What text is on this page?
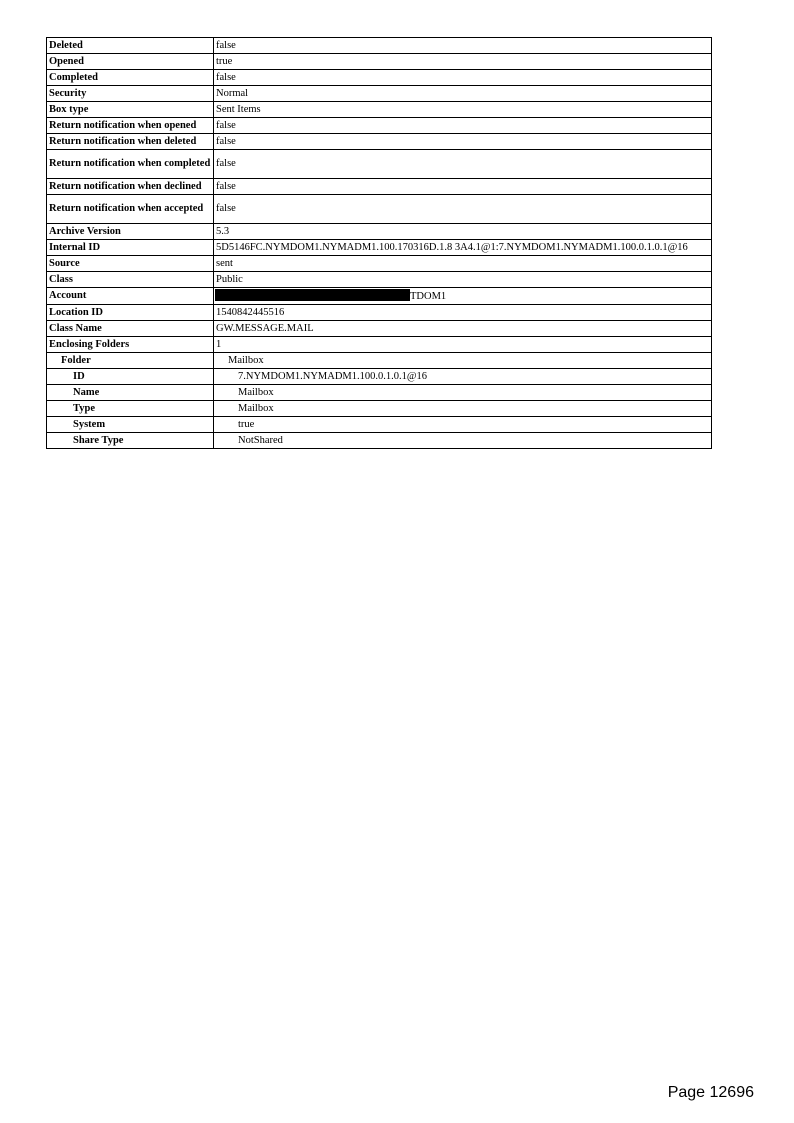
Deleted	false
Opened	true
Completed	false
Security	Normal
Box type	Sent Items
Return notification when opened	false
Return notification when deleted	false
Return notification when completed	false
Return notification when declined	false
Return notification when accepted	false
Archive Version	5.3
Internal ID	5D5146FC.NYMDOM1.NYMADM1.100.170316D.1.8 3A4.1@1:7.NYMDOM1.NYMADM1.100.0.1.0.1@16
Source	sent
Class	Public
Account	TDOM1
Location ID	1540842445516
Class Name	GW.MESSAGE.MAIL
Enclosing Folders	1
Folder	Mailbox
ID	7.NYMDOM1.NYMADM1.100.0.1.0.1@16
Name	Mailbox
Type	Mailbox
System	true
Share Type	NotShared
Page 12696
